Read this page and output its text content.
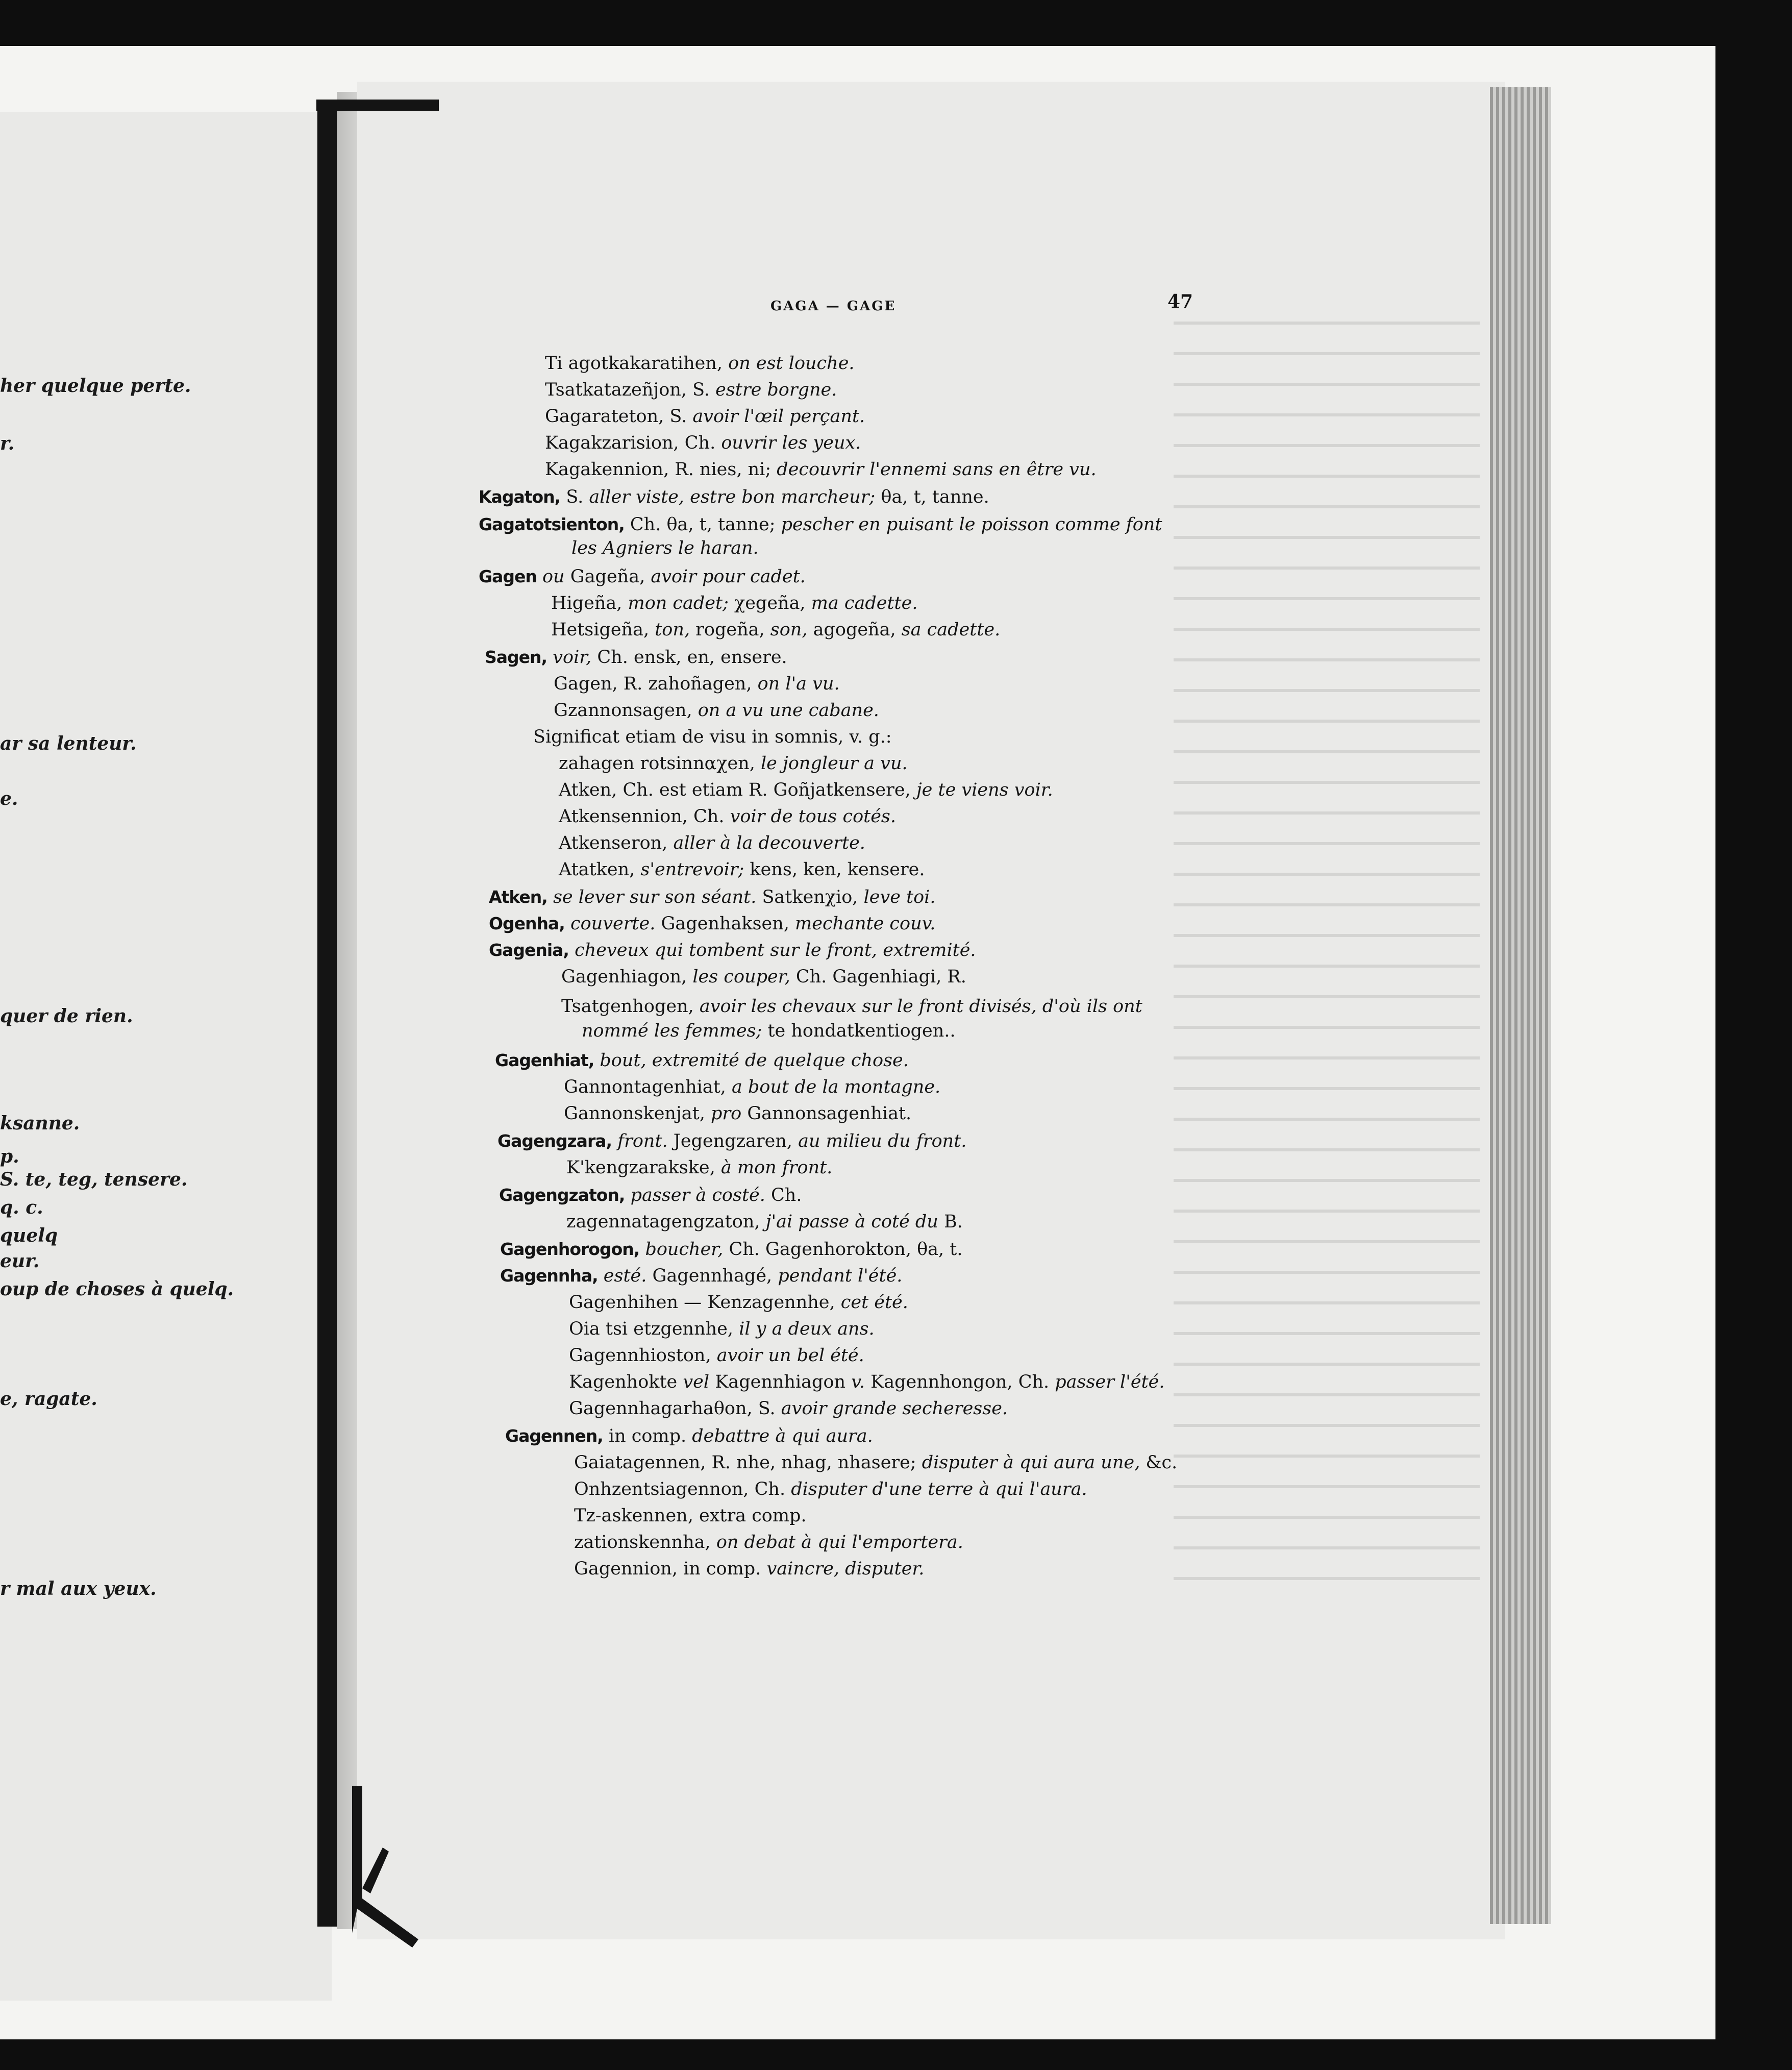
her quelque perte.
r.
ar sa lenteur.
e.
quer de rien.
ksanne.
p.
S. te, teg, tensere.
q. c.
quelq
eur.
oup de choses à quelq.
e, ragate.
r mal aux yeux.
GAGA — GAGE	47
Ti agotkakaratihen, on est louche.
Tsatkatazeñjon, S. estre borgne.
Gagarateton, S. avoir l'œil perçant.
Kagakzarision, Ch. ouvrir les yeux.
Kagakennion, R. nies, ni; decouvrir l'ennemi sans en être vu.
Kagaton, S. aller viste, estre bon marcheur; θa, t, tanne.
Gagatotsienton, Ch. θa, t, tanne; pescher en puisant le poisson comme font
les Agniers le haran.
Gagen ou Gageña, avoir pour cadet.
Higeña, mon cadet; χegeña, ma cadette.
Hetsigeña, ton, rogeña, son, agogeña, sa cadette.
Sagen, voir, Ch. ensk, en, ensere.
Gagen, R. zahoñagen, on l'a vu.
Gzannonsagen, on a vu une cabane.
Significat etiam de visu in somnis, v. g.:
zahagen rotsinnαχen, le jongleur a vu.
Atken, Ch. est etiam R. Goñjatkensere, je te viens voir.
Atkensennion, Ch. voir de tous cotés.
Atkenseron, aller à la decouverte.
Atatken, s'entrevoir; kens, ken, kensere.
Atken, se lever sur son séant. Satkenχio, leve toi.
Ogenha, couverte. Gagenhaksen, mechante couv.
Gagenia, cheveux qui tombent sur le front, extremité.
Gagenhiagon, les couper, Ch. Gagenhiagi, R.
Tsatgenhogen, avoir les chevaux sur le front divisés, d'où ils ont
nommé les femmes; te hondatkentiogen..
Gagenhiat, bout, extremité de quelque chose.
Gannontagenhiat, a bout de la montagne.
Gannonskenjat, pro Gannonsagenhiat.
Gagengzara, front. Jegengzaren, au milieu du front.
K'kengzarakske, à mon front.
Gagengzaton, passer à costé. Ch.
zagennatagengzaton, j'ai passe à coté du B.
Gagenhorogon, boucher, Ch. Gagenhorokton, θa, t.
Gagennha, esté. Gagennhagé, pendant l'été.
Gagenhihen — Kenzagennhe, cet été.
Oia tsi etzgennhe, il y a deux ans.
Gagennhioston, avoir un bel été.
Kagenhokte vel Kagennhiagon v. Kagennhongon, Ch. passer l'été.
Gagennhagarhaθon, S. avoir grande secheresse.
Gagennen, in comp. debattre à qui aura.
Gaiatagennen, R. nhe, nhag, nhasere; disputer à qui aura une, &c.
Onhzentsiagennon, Ch. disputer d'une terre à qui l'aura.
Tz-askennen, extra comp.
zationskennha, on debat à qui l'emportera.
Gagennion, in comp. vaincre, disputer.
